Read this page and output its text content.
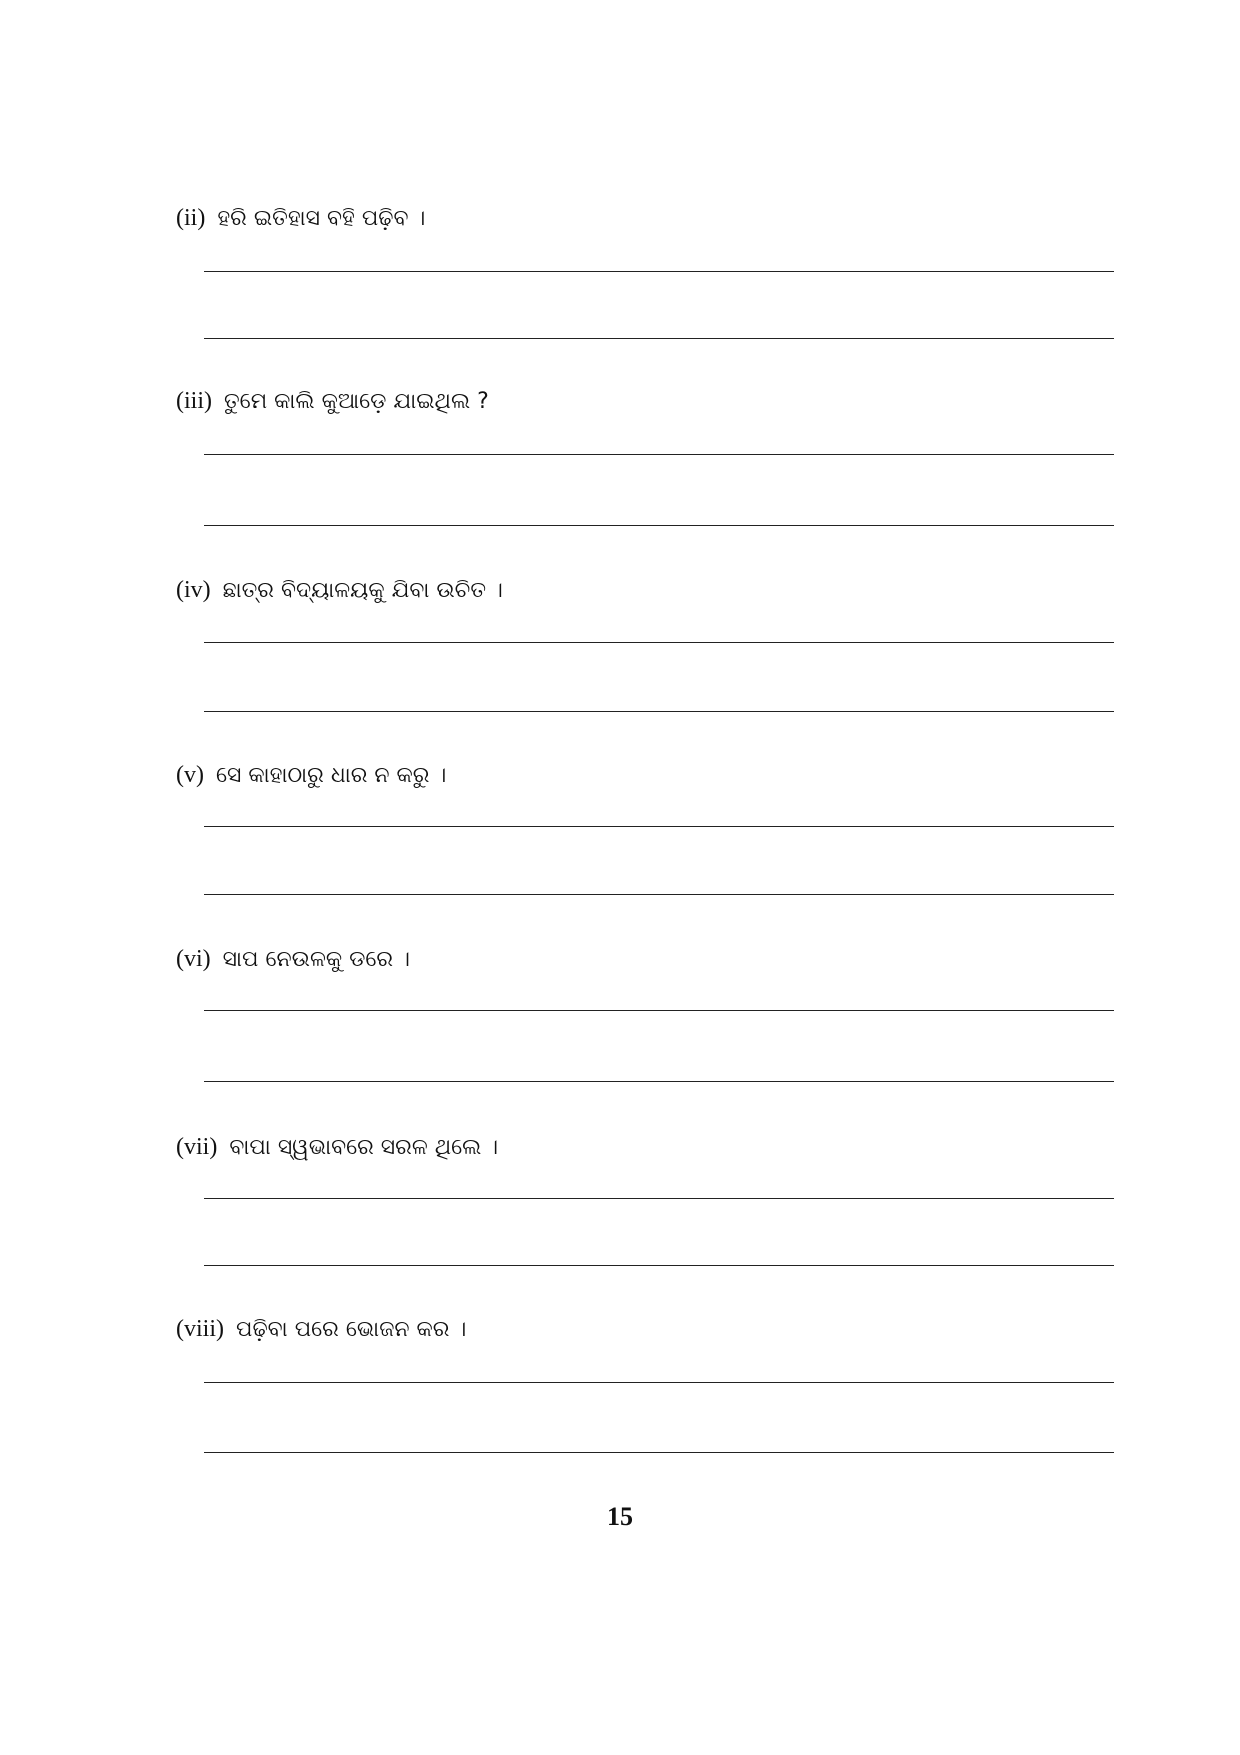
(ii) ହରି ଇତିହାସ ବହି ପଢ଼ିବ ।
(iii) ତୁମେ କାଲି କୁଆଡ଼େ ଯାଇଥିଲ ?
(iv) ଛାତ୍ର ବିଦ୍ୟାଳୟକୁ ଯିବା ଉଚିତ ।
(v) ସେ କାହାଠାରୁ ଧାର ନ କରୁ ।
(vi) ସାପ ନେଉଳକୁ ଡରେ ।
(vii) ବାପା ସ୍ୱଭାବରେ ସରଳ ଥିଲେ ।
(viii) ପଢ଼ିବା ପରେ ଭୋଜନ କର ।
15
